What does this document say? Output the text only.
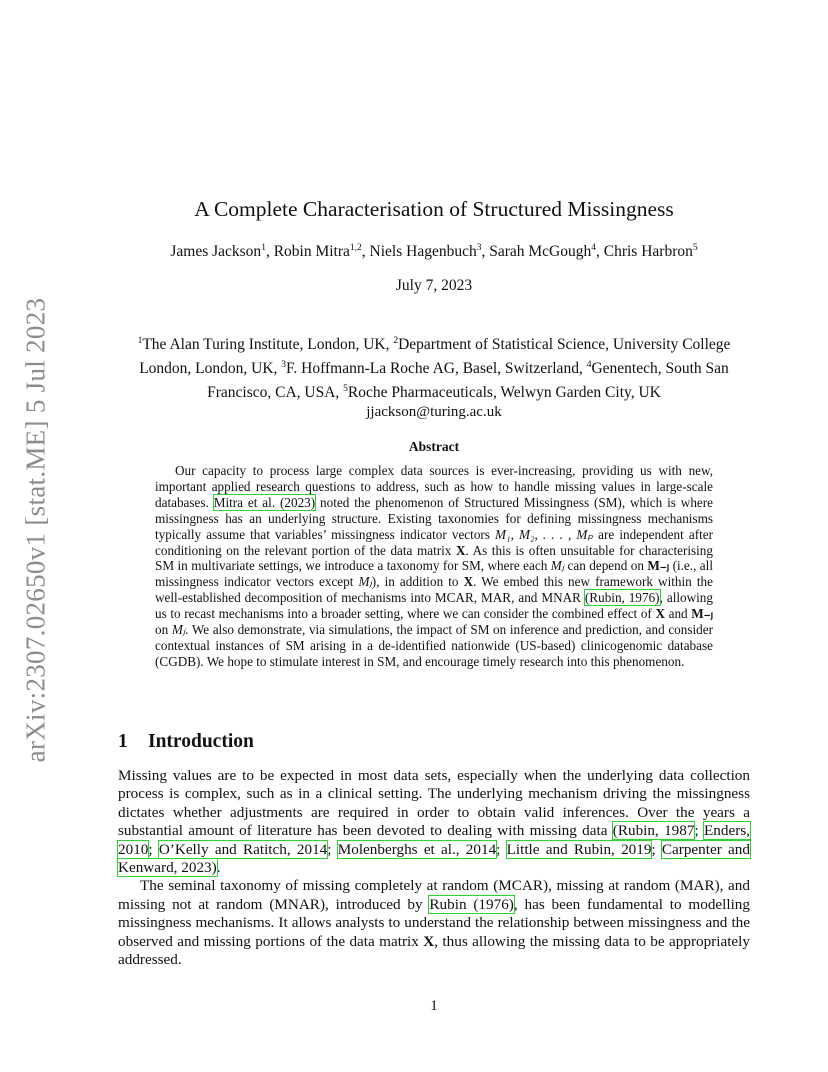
arXiv:2307.02650v1 [stat.ME] 5 Jul 2023
A Complete Characterisation of Structured Missingness
James Jackson$^1$, Robin Mitra$^{1,2}$, Niels Hagenbuch$^3$, Sarah McGough$^4$, Chris Harbron$^5$
July 7, 2023
$^1$The Alan Turing Institute, London, UK, $^2$Department of Statistical Science, University College London, London, UK, $^3$F. Hoffmann-La Roche AG, Basel, Switzerland, $^4$Genentech, South San Francisco, CA, USA, $^5$Roche Pharmaceuticals, Welwyn Garden City, UK
jjackson@turing.ac.uk
Abstract
Our capacity to process large complex data sources is ever-increasing, providing us with new, important applied research questions to address, such as how to handle missing values in large-scale databases. Mitra et al. (2023) noted the phenomenon of Structured Missingness (SM), which is where missingness has an underlying structure. Existing taxonomies for defining missingness mechanisms typically assume that variables’ missingness indicator vectors M₁, M₂, . . . , Mₚ are independent after conditioning on the relevant portion of the data matrix X. As this is often unsuitable for characterising SM in multivariate settings, we introduce a taxonomy for SM, where each Mⱼ can depend on M₋ⱼ (i.e., all missingness indicator vectors except Mⱼ), in addition to X. We embed this new framework within the well-established decomposition of mechanisms into MCAR, MAR, and MNAR (Rubin, 1976), allowing us to recast mechanisms into a broader setting, where we can consider the combined effect of X and M₋ⱼ on Mⱼ. We also demonstrate, via simulations, the impact of SM on inference and prediction, and consider contextual instances of SM arising in a de-identified nationwide (US-based) clinicogenomic database (CGDB). We hope to stimulate interest in SM, and encourage timely research into this phenomenon.
1 Introduction

Missing values are to be expected in most data sets, especially when the underlying data collection process is complex, such as in a clinical setting. The underlying mechanism driving the missingness dictates whether adjustments are required in order to obtain valid inferences. Over the years a substantial amount of literature has been devoted to dealing with missing data (Rubin, 1987; Enders, 2010; O’Kelly and Ratitch, 2014; Molenberghs et al., 2014; Little and Rubin, 2019; Carpenter and Kenward, 2023).

The seminal taxonomy of missing completely at random (MCAR), missing at random (MAR), and missing not at random (MNAR), introduced by Rubin (1976), has been fundamental to modelling missingness mechanisms. It allows analysts to understand the relationship between missingness and the observed and missing portions of the data matrix X, thus allowing the missing data to be appropriately addressed.

1
